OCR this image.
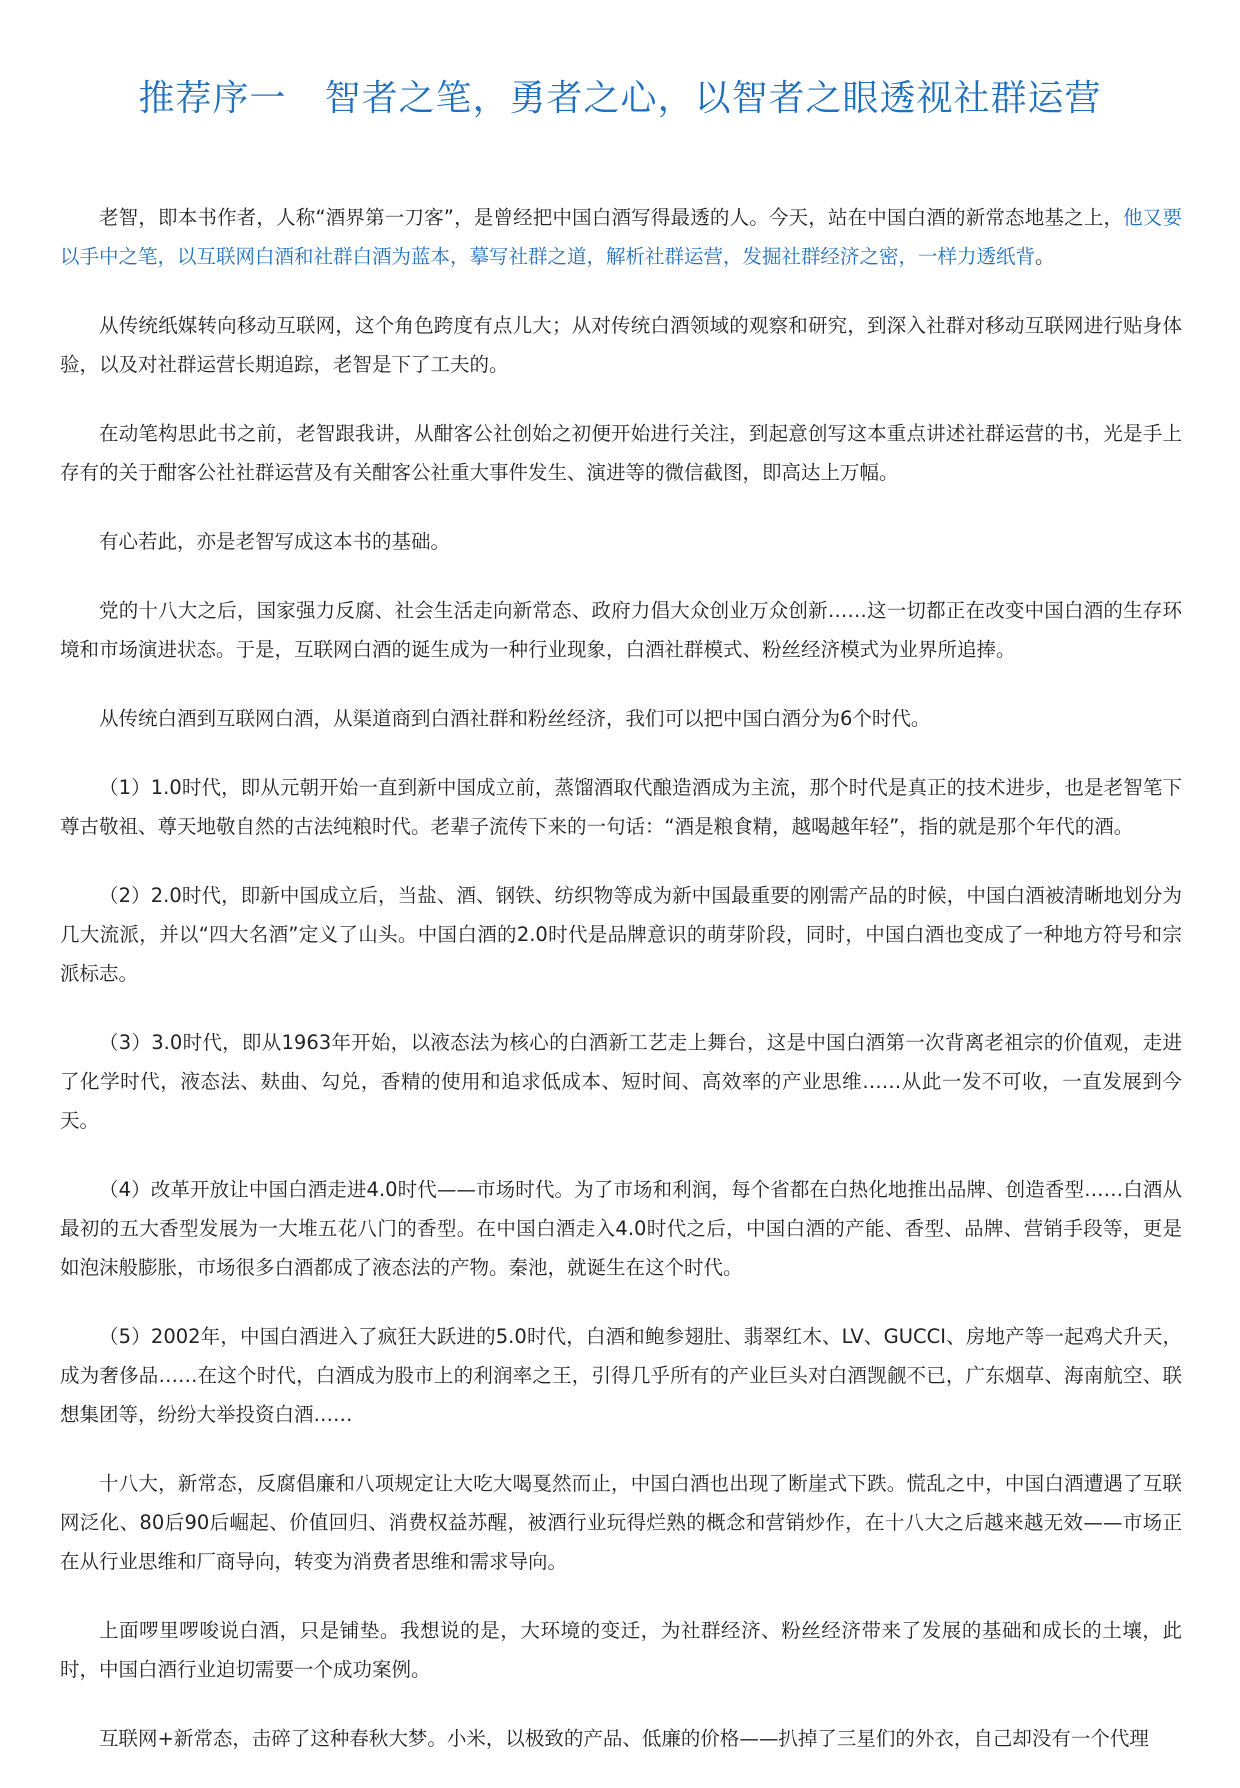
推荐序一 智者之笔，勇者之心，以智者之眼透视社群运营

老智，即本书作者，人称“酒界第一刀客”，是曾经把中国白酒写得最透的人。今天，站在中国白酒的新常态地基之上，他又要以手中之笔，以互联网白酒和社群白酒为蓝本，摹写社群之道，解析社群运营，发掘社群经济之密，一样力透纸背。

从传统纸媒转向移动互联网，这个角色跨度有点儿大；从对传统白酒领域的观察和研究，到深入社群对移动互联网进行贴身体验，以及对社群运营长期追踪，老智是下了工夫的。

在动笔构思此书之前，老智跟我讲，从酣客公社创始之初便开始进行关注，到起意创写这本重点讲述社群运营的书，光是手上存有的关于酣客公社社群运营及有关酣客公社重大事件发生、演进等的微信截图，即高达上万幅。

有心若此，亦是老智写成这本书的基础。

党的十八大之后，国家强力反腐、社会生活走向新常态、政府力倡大众创业万众创新……这一切都正在改变中国白酒的生存环境和市场演进状态。于是，互联网白酒的诞生成为一种行业现象，白酒社群模式、粉丝经济模式为业界所追捧。

从传统白酒到互联网白酒，从渠道商到白酒社群和粉丝经济，我们可以把中国白酒分为6个时代。

（1）1.0时代，即从元朝开始一直到新中国成立前，蒸馏酒取代酿造酒成为主流，那个时代是真正的技术进步，也是老智笔下尊古敬祖、尊天地敬自然的古法纯粮时代。老辈子流传下来的一句话：“酒是粮食精，越喝越年轻”，指的就是那个年代的酒。

（2）2.0时代，即新中国成立后，当盐、酒、钢铁、纺织物等成为新中国最重要的刚需产品的时候，中国白酒被清晰地划分为几大流派，并以“四大名酒”定义了山头。中国白酒的2.0时代是品牌意识的萌芽阶段，同时，中国白酒也变成了一种地方符号和宗派标志。

（3）3.0时代，即从1963年开始，以液态法为核心的白酒新工艺走上舞台，这是中国白酒第一次背离老祖宗的价值观，走进了化学时代，液态法、麸曲、勾兑，香精的使用和追求低成本、短时间、高效率的产业思维……从此一发不可收，一直发展到今天。

（4）改革开放让中国白酒走进4.0时代——市场时代。为了市场和利润，每个省都在白热化地推出品牌、创造香型……白酒从最初的五大香型发展为一大堆五花八门的香型。在中国白酒走入4.0时代之后，中国白酒的产能、香型、品牌、营销手段等，更是如泡沫般膨胀，市场很多白酒都成了液态法的产物。秦池，就诞生在这个时代。

（5）2002年，中国白酒进入了疯狂大跃进的5.0时代，白酒和鲍参翅肚、翡翠红木、LV、GUCCI、房地产等一起鸡犬升天，成为奢侈品……在这个时代，白酒成为股市上的利润率之王，引得几乎所有的产业巨头对白酒觊觎不已，广东烟草、海南航空、联想集团等，纷纷大举投资白酒……

十八大，新常态，反腐倡廉和八项规定让大吃大喝戛然而止，中国白酒也出现了断崖式下跌。慌乱之中，中国白酒遭遇了互联网泛化、80后90后崛起、价值回归、消费权益苏醒，被酒行业玩得烂熟的概念和营销炒作，在十八大之后越来越无效——市场正在从行业思维和厂商导向，转变为消费者思维和需求导向。

上面啰里啰唆说白酒，只是铺垫。我想说的是，大环境的变迁，为社群经济、粉丝经济带来了发展的基础和成长的土壤，此时，中国白酒行业迫切需要一个成功案例。

互联网+新常态，击碎了这种春秋大梦。小米，以极致的产品、低廉的价格——扒掉了三星们的外衣，自己却没有一个代理
